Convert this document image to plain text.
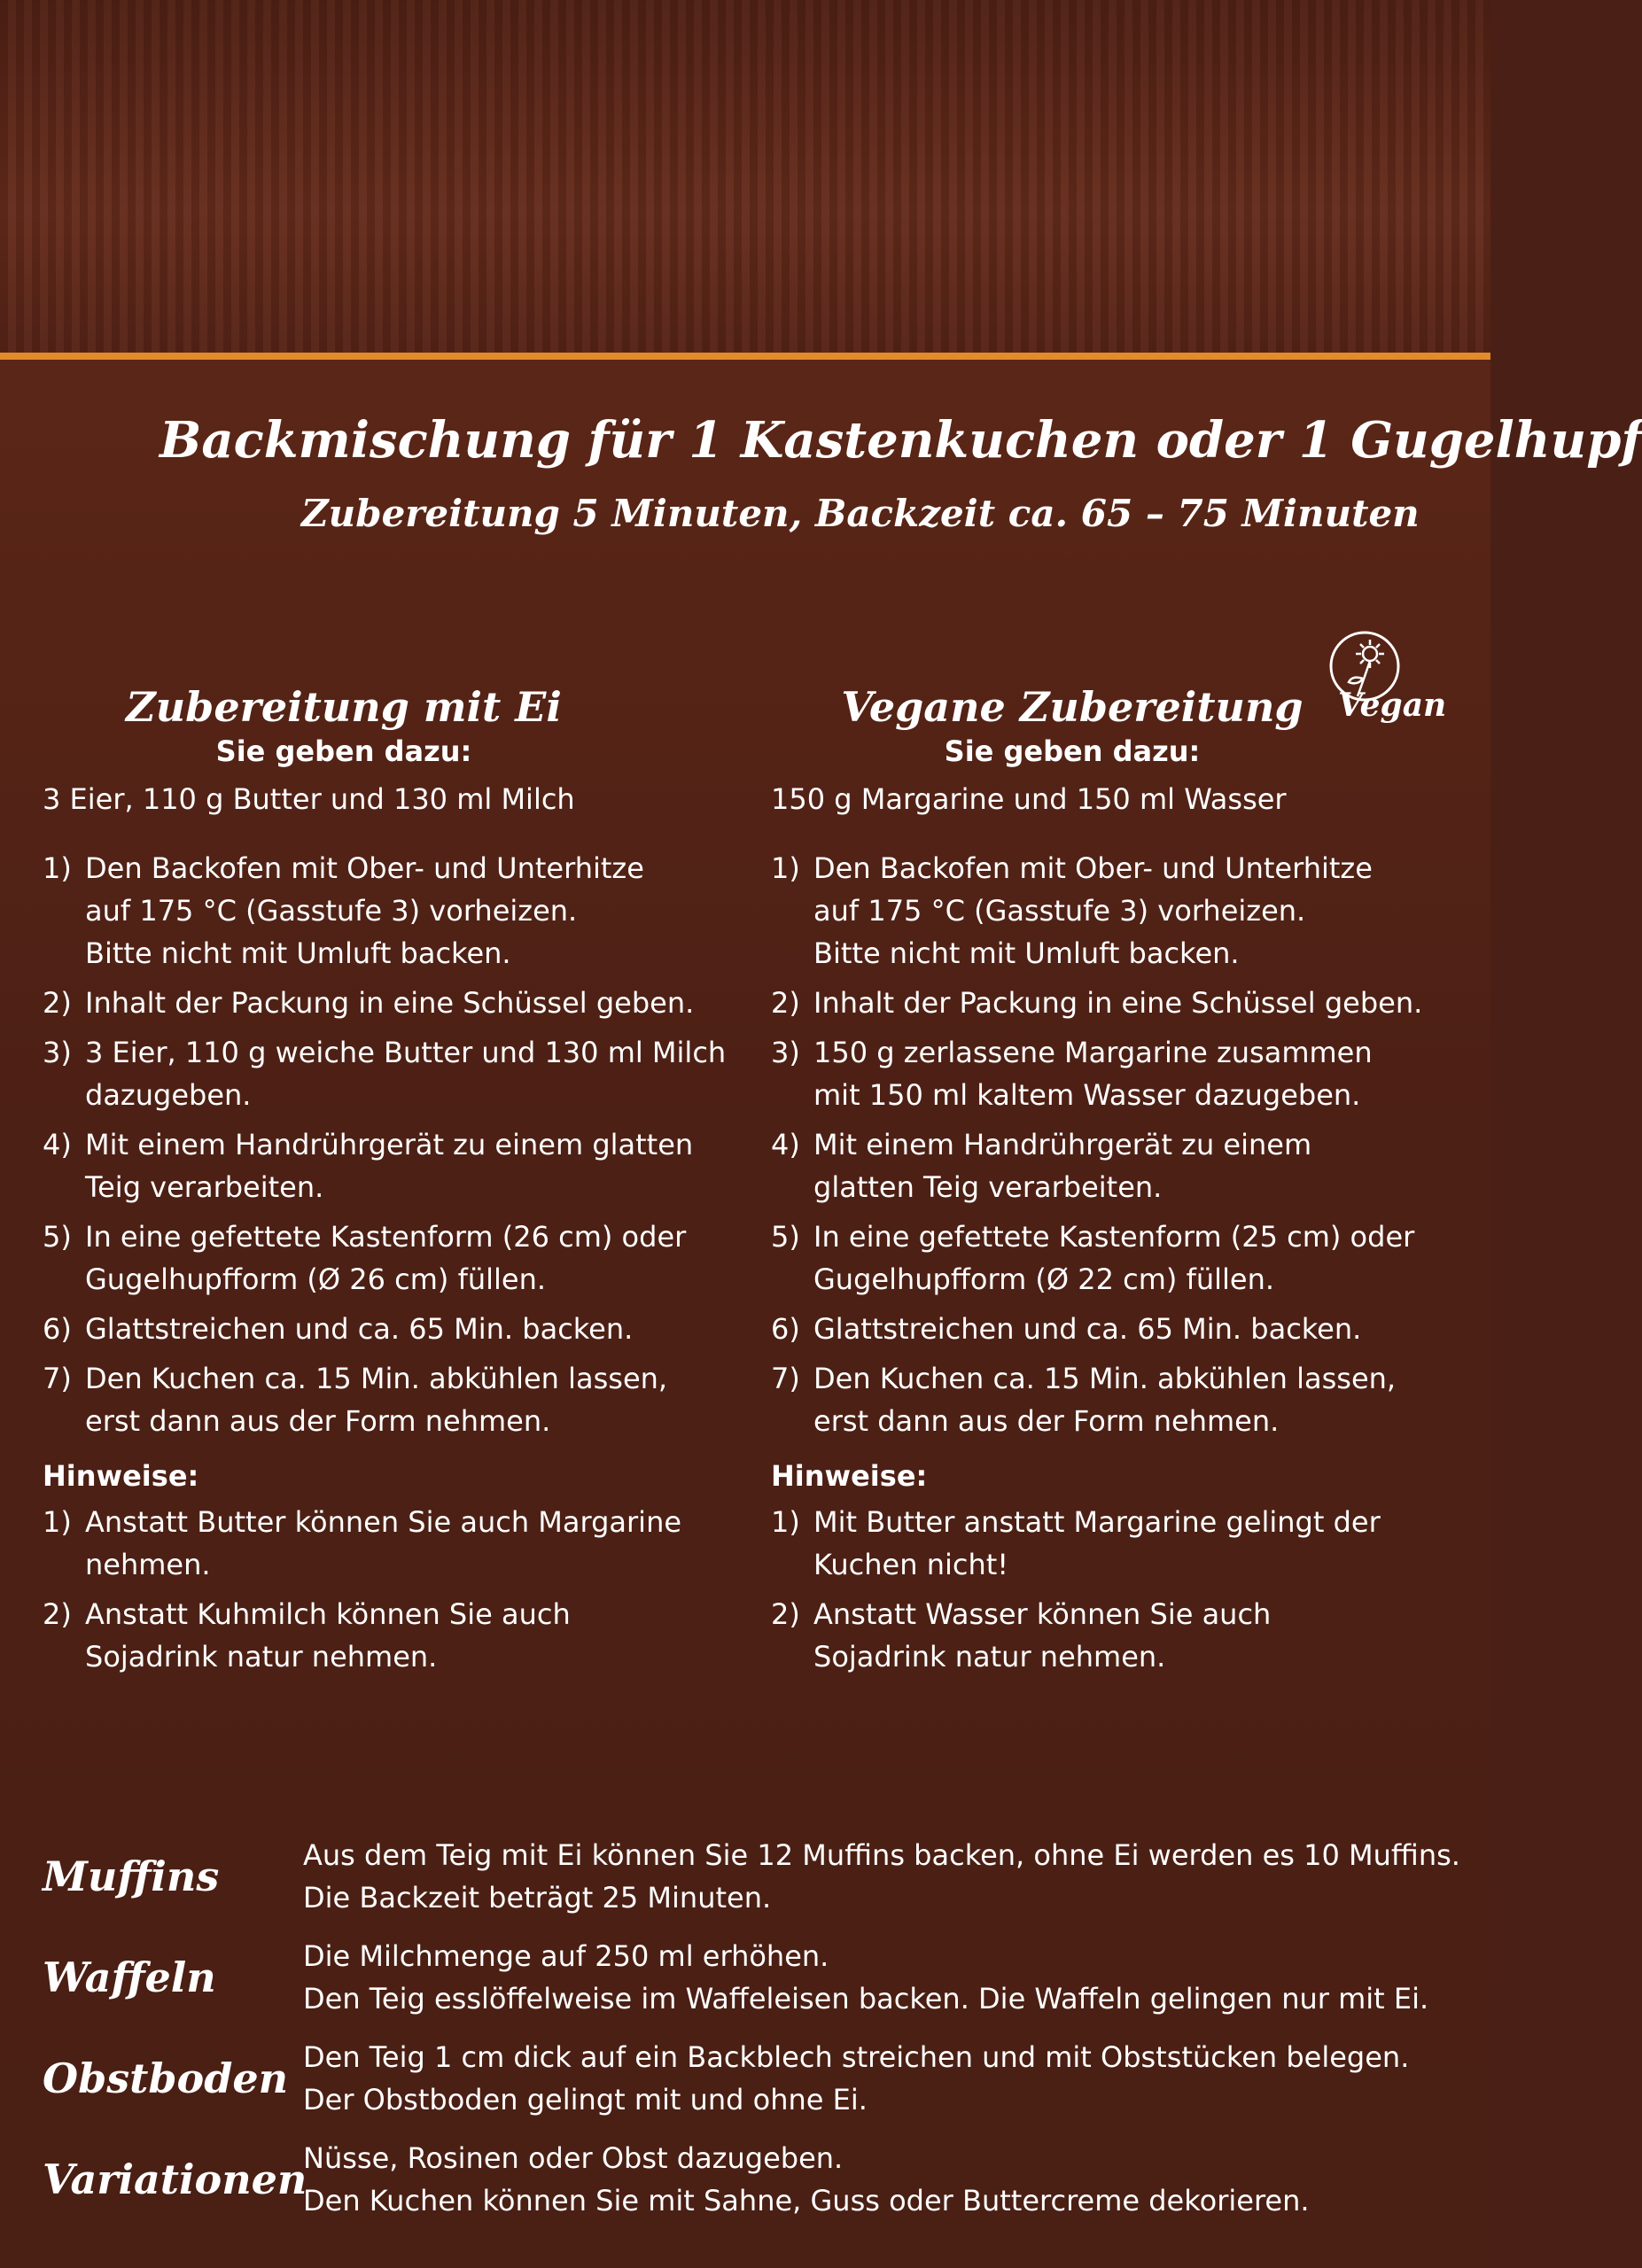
Backmischung für 1 Kastenkuchen oder 1 Gugelhupf
Zubereitung 5 Minuten, Backzeit ca. 65 – 75 Minuten
Vegan
Zubereitung mit Ei
Sie geben dazu:
3 Eier, 110 g Butter und 130 ml Milch
1) Den Backofen mit Ober- und Unterhitze
auf 175 °C (Gasstufe 3) vorheizen.
Bitte nicht mit Umluft backen.
2) Inhalt der Packung in eine Schüssel geben.
3) 3 Eier, 110 g weiche Butter und 130 ml Milch
dazugeben.
4) Mit einem Handrührgerät zu einem glatten
Teig verarbeiten.
5) In eine gefettete Kastenform (26 cm) oder
Gugelhupfform (Ø 26 cm) füllen.
6) Glattstreichen und ca. 65 Min. backen.
7) Den Kuchen ca. 15 Min. abkühlen lassen,
erst dann aus der Form nehmen.
Hinweise:
1) Anstatt Butter können Sie auch Margarine
nehmen.
2) Anstatt Kuhmilch können Sie auch
Sojadrink natur nehmen.
Vegane Zubereitung
Sie geben dazu:
150 g Margarine und 150 ml Wasser
1) Den Backofen mit Ober- und Unterhitze
auf 175 °C (Gasstufe 3) vorheizen.
Bitte nicht mit Umluft backen.
2) Inhalt der Packung in eine Schüssel geben.
3) 150 g zerlassene Margarine zusammen
mit 150 ml kaltem Wasser dazugeben.
4) Mit einem Handrührgerät zu einem
glatten Teig verarbeiten.
5) In eine gefettete Kastenform (25 cm) oder
Gugelhupfform (Ø 22 cm) füllen.
6) Glattstreichen und ca. 65 Min. backen.
7) Den Kuchen ca. 15 Min. abkühlen lassen,
erst dann aus der Form nehmen.
Hinweise:
1) Mit Butter anstatt Margarine gelingt der
Kuchen nicht!
2) Anstatt Wasser können Sie auch
Sojadrink natur nehmen.
Muffins	Aus dem Teig mit Ei können Sie 12 Muffins backen, ohne Ei werden es 10 Muffins.
Die Backzeit beträgt 25 Minuten.
Waffeln	Die Milchmenge auf 250 ml erhöhen.
Den Teig esslöffelweise im Waffeleisen backen. Die Waffeln gelingen nur mit Ei.
Obstboden Den Teig 1 cm dick auf ein Backblech streichen und mit Obststücken belegen.
Der Obstboden gelingt mit und ohne Ei.
Variationen
Nüsse, Rosinen oder Obst dazugeben.
Den Kuchen können Sie mit Sahne, Guss oder Buttercreme dekorieren.
